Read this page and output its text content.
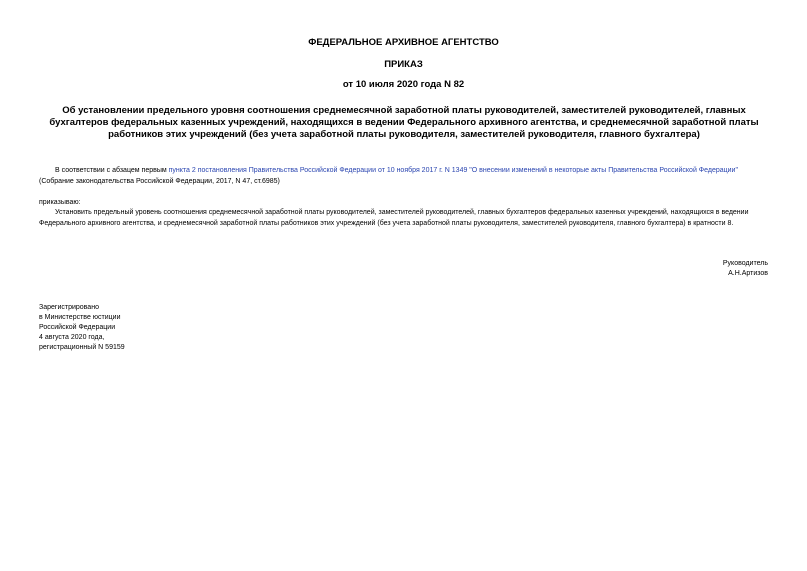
ФЕДЕРАЛЬНОЕ АРХИВНОЕ АГЕНТСТВО
ПРИКАЗ
от 10 июля 2020 года N 82
Об установлении предельного уровня соотношения среднемесячной заработной платы руководителей, заместителей руководителей, главных бухгалтеров федеральных казенных учреждений, находящихся в ведении Федерального архивного агентства, и среднемесячной заработной платы работников этих учреждений (без учета заработной платы руководителя, заместителей руководителя, главного бухгалтера)
В соответствии с абзацем первым пункта 2 постановления Правительства Российской Федерации от 10 ноября 2017 г. N 1349 "О внесении изменений в некоторые акты Правительства Российской Федерации" (Собрание законодательства Российской Федерации, 2017, N 47, ст.6985)
приказываю:
Установить предельный уровень соотношения среднемесячной заработной платы руководителей, заместителей руководителей, главных бухгалтеров федеральных казенных учреждений, находящихся в ведении Федерального архивного агентства, и среднемесячной заработной платы работников этих учреждений (без учета заработной платы руководителя, заместителей руководителя, главного бухгалтера) в кратности 8.
Руководитель
А.Н.Артизов
Зарегистрировано
в Министерстве юстиции
Российской Федерации
4 августа 2020 года,
регистрационный N 59159
